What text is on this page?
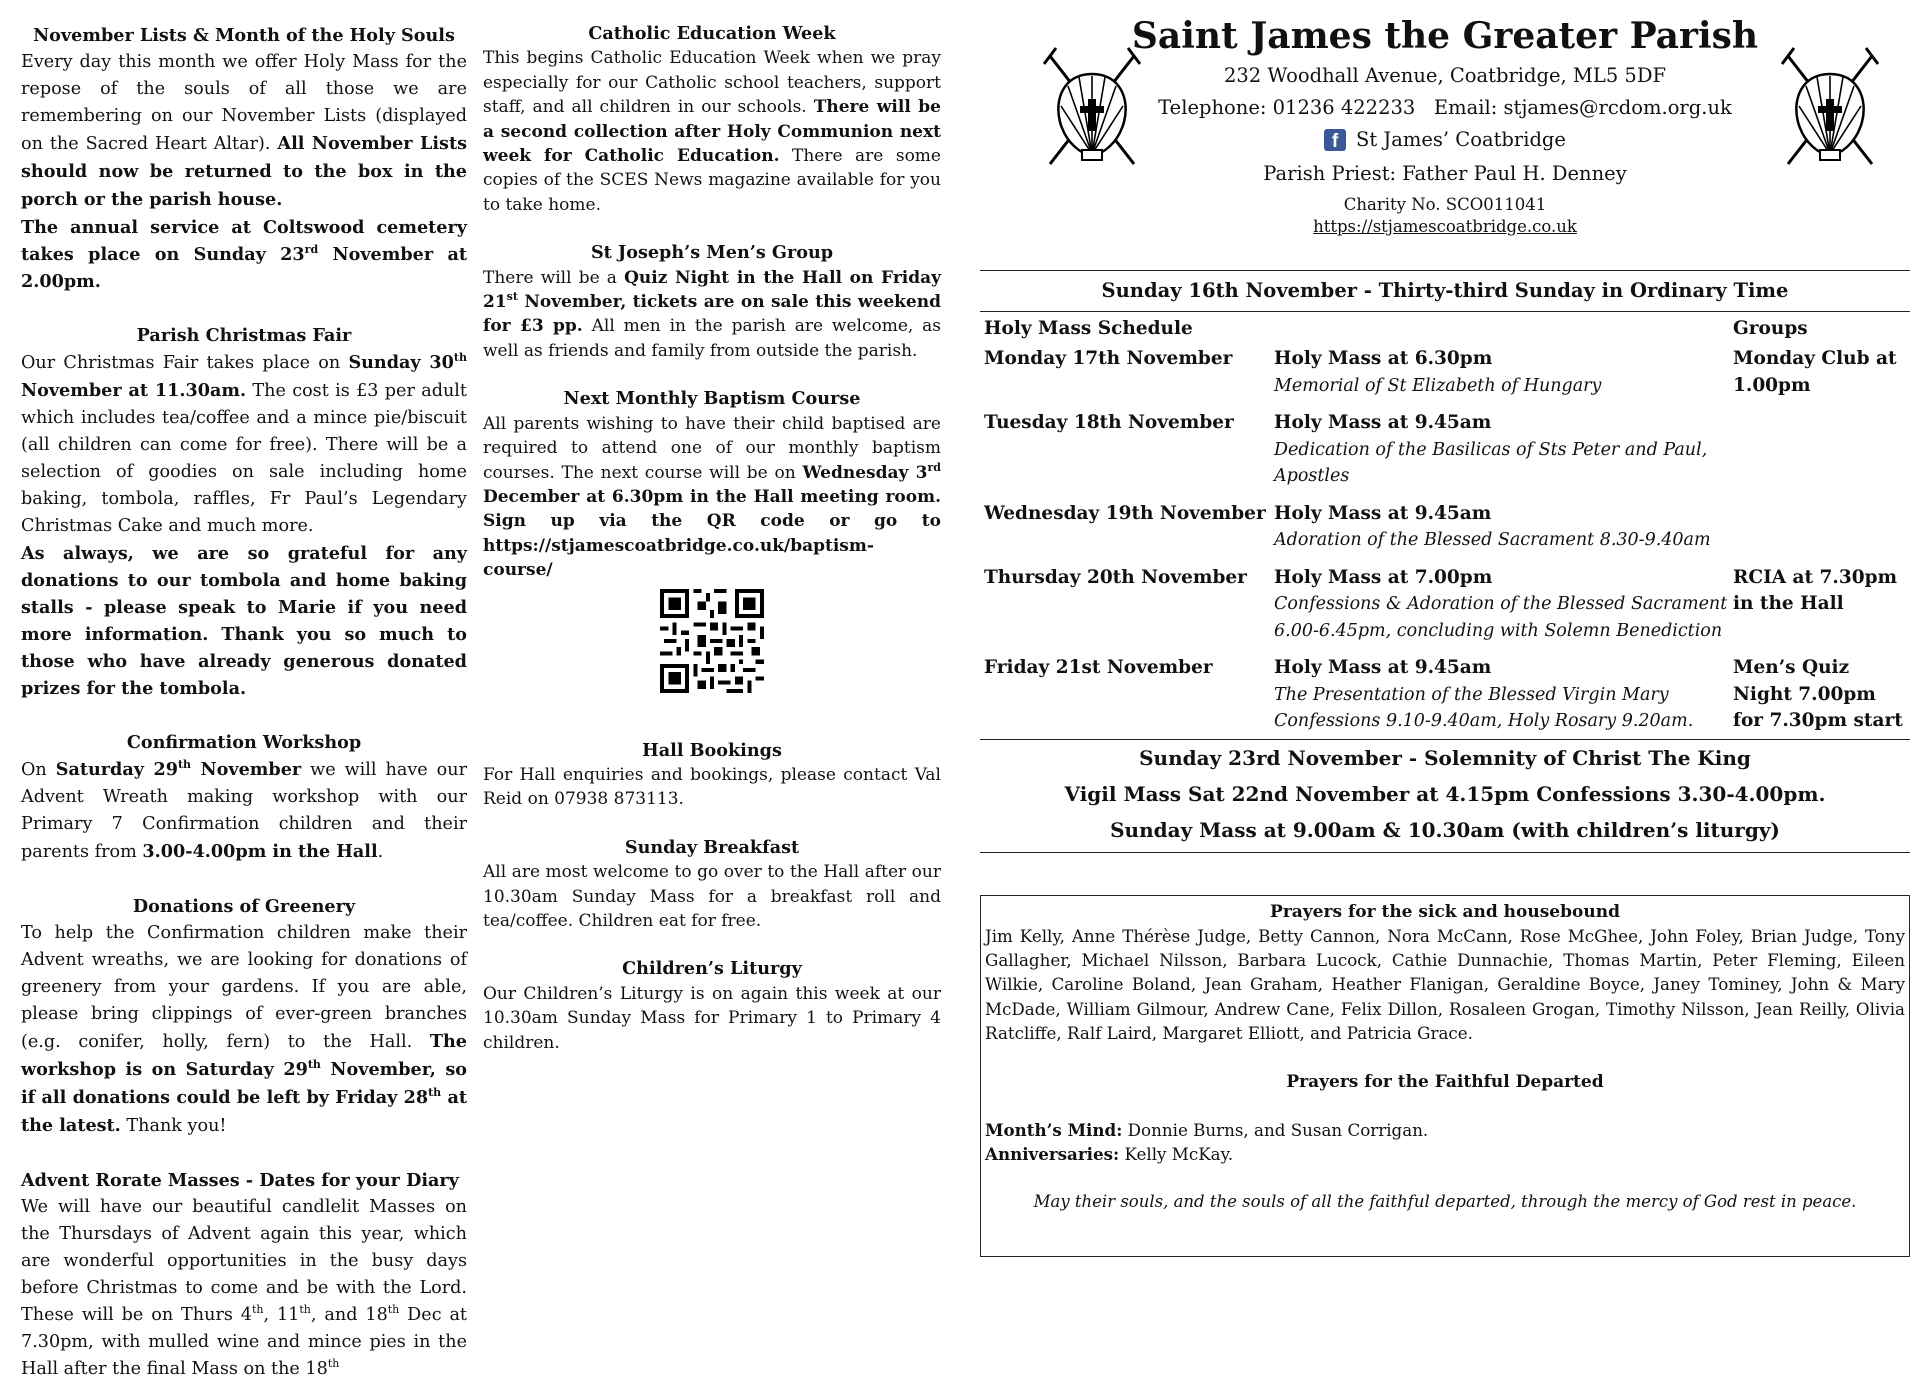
November Lists & Month of the Holy Souls

Every day this month we offer Holy Mass for the repose of the souls of all those we are remembering on our November Lists (displayed on the Sacred Heart Altar). All November Lists should now be returned to the box in the porch or the parish house.

The annual service at Coltswood cemetery takes place on Sunday 23rd November at 2.00pm.

Parish Christmas Fair

Our Christmas Fair takes place on Sunday 30th November at 11.30am. The cost is £3 per adult which includes tea/coffee and a mince pie/biscuit (all children can come for free). There will be a selection of goodies on sale including home baking, tombola, raffles, Fr Paul’s Legendary Christmas Cake and much more.

As always, we are so grateful for any donations to our tombola and home baking stalls - please speak to Marie if you need more information. Thank you so much to those who have already generous donated prizes for the tombola.

Confirmation Workshop

On Saturday 29th November we will have our Advent Wreath making workshop with our Primary 7 Confirmation children and their parents from 3.00-4.00pm in the Hall.

Donations of Greenery

To help the Confirmation children make their Advent wreaths, we are looking for donations of greenery from your gardens. If you are able, please bring clippings of ever-green branches (e.g. conifer, holly, fern) to the Hall. The workshop is on Saturday 29th November, so if all donations could be left by Friday 28th at the latest. Thank you!

Advent Rorate Masses - Dates for your Diary

We will have our beautiful candlelit Masses on the Thursdays of Advent again this year, which are wonderful opportunities in the busy days before Christmas to come and be with the Lord. These will be on Thurs 4th, 11th, and 18th Dec at 7.30pm, with mulled wine and mince pies in the Hall after the final Mass on the 18th

Catholic Education Week

This begins Catholic Education Week when we pray especially for our Catholic school teachers, support staff, and all children in our schools. There will be a second collection after Holy Communion next week for Catholic Education. There are some copies of the SCES News magazine available for you to take home.

St Joseph’s Men’s Group

There will be a Quiz Night in the Hall on Friday 21st November, tickets are on sale this weekend for £3 pp. All men in the parish are welcome, as well as friends and family from outside the parish.

Next Monthly Baptism Course

All parents wishing to have their child baptised are required to attend one of our monthly baptism courses. The next course will be on Wednesday 3rd December at 6.30pm in the Hall meeting room. Sign up via the QR code or go to https://stjamescoatbridge.co.uk/baptism-course/

Hall Bookings

For Hall enquiries and bookings, please contact Val Reid on 07938 873113.

Sunday Breakfast

All are most welcome to go over to the Hall after our 10.30am Sunday Mass for a breakfast roll and tea/coffee. Children eat for free.

Children’s Liturgy

Our Children’s Liturgy is on again this week at our 10.30am Sunday Mass for Primary 1 to Primary 4 children.

Saint James the Greater Parish

232 Woodhall Avenue, Coatbridge, ML5 5DF

Telephone: 01236 422233   Email: stjames@rcdom.org.uk

f St James’ Coatbridge

Parish Priest: Father Paul H. Denney

Charity No. SCO011041

https://stjamescoatbridge.co.uk

Sunday 16th November - Thirty-third Sunday in Ordinary Time
Holy Mass Schedule		Groups
Monday 17th November	Holy Mass at 6.30pm
Memorial of St Elizabeth of Hungary	Monday Club at 1.00pm

Tuesday 18th November	Holy Mass at 9.45am
Dedication of the Basilicas of Sts Peter and Paul, Apostles	

Wednesday 19th November	Holy Mass at 9.45am
Adoration of the Blessed Sacrament 8.30-9.40am	

Thursday 20th November	Holy Mass at 7.00pm
Confessions & Adoration of the Blessed Sacrament 6.00-6.45pm, concluding with Solemn Benediction	RCIA at 7.30pm in the Hall

Friday 21st November	Holy Mass at 9.45am
The Presentation of the Blessed Virgin Mary
Confessions 9.10-9.40am, Holy Rosary 9.20am.	Men’s Quiz Night 7.00pm for 7.30pm start

Sunday 23rd November - Solemnity of Christ The King

Vigil Mass Sat 22nd November at 4.15pm Confessions 3.30-4.00pm.

Sunday Mass at 9.00am & 10.30am (with children’s liturgy)

Prayers for the sick and housebound

Jim Kelly, Anne Thérèse Judge, Betty Cannon, Nora McCann, Rose McGhee, John Foley, Brian Judge, Tony Gallagher, Michael Nilsson, Barbara Lucock, Cathie Dunnachie, Thomas Martin, Peter Fleming, Eileen Wilkie, Caroline Boland, Jean Graham, Heather Flanigan, Geraldine Boyce, Janey Tominey, John & Mary McDade, William Gilmour, Andrew Cane, Felix Dillon, Rosaleen Grogan, Timothy Nilsson, Jean Reilly, Olivia Ratcliffe, Ralf Laird, Margaret Elliott, and Patricia Grace.

Prayers for the Faithful Departed

Month’s Mind: Donnie Burns, and Susan Corrigan.

Anniversaries: Kelly McKay.

May their souls, and the souls of all the faithful departed, through the mercy of God rest in peace.
